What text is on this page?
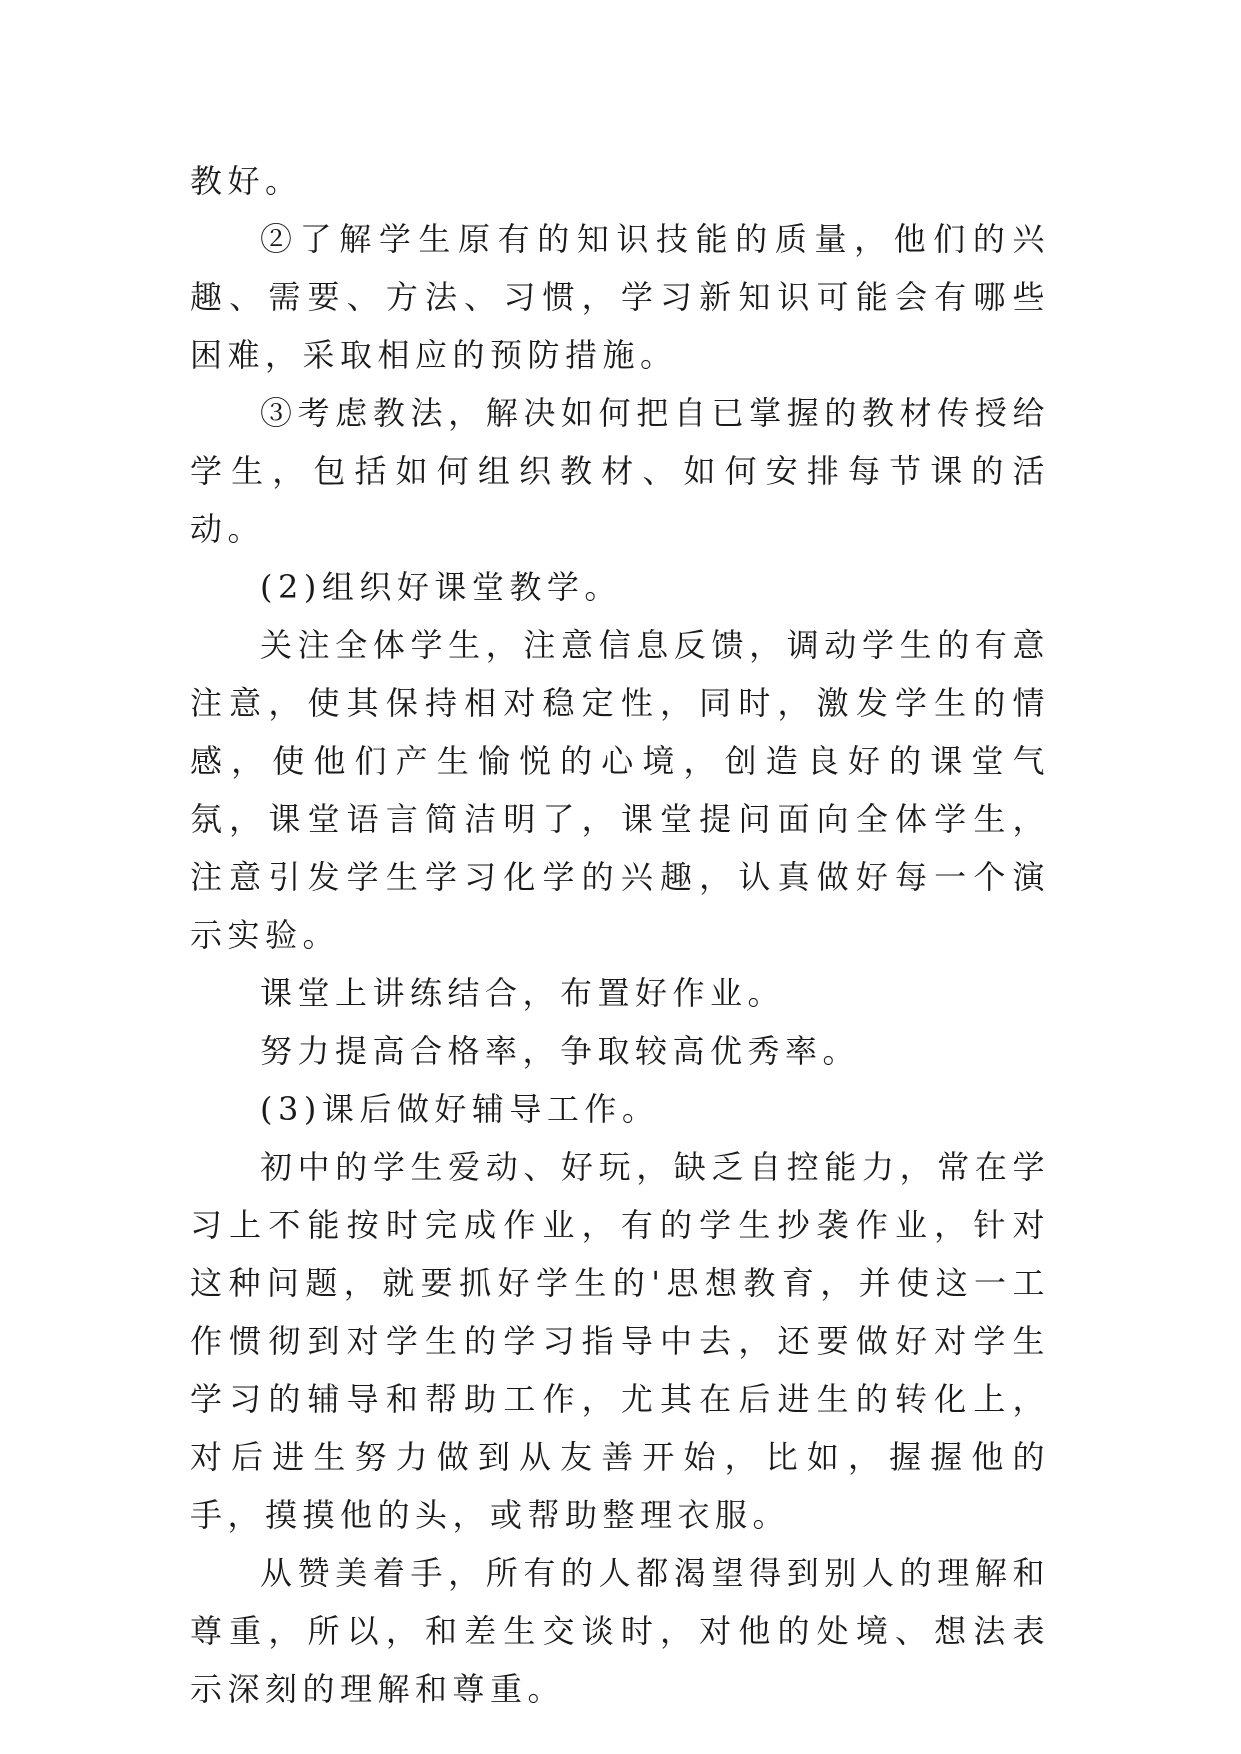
教好。

②了解学生原有的知识技能的质量，他们的兴趣、需要、方法、习惯，学习新知识可能会有哪些困难，采取相应的预防措施。

③考虑教法，解决如何把自已掌握的教材传授给学生，包括如何组织教材、如何安排每节课的活动。

(2)组织好课堂教学。

关注全体学生，注意信息反馈，调动学生的有意注意，使其保持相对稳定性，同时，激发学生的情感，使他们产生愉悦的心境，创造良好的课堂气氛，课堂语言简洁明了，课堂提问面向全体学生，注意引发学生学习化学的兴趣，认真做好每一个演示实验。

课堂上讲练结合，布置好作业。

努力提高合格率，争取较高优秀率。

(3)课后做好辅导工作。

初中的学生爱动、好玩，缺乏自控能力，常在学习上不能按时完成作业，有的学生抄袭作业，针对这种问题，就要抓好学生的'思想教育，并使这一工作惯彻到对学生的学习指导中去，还要做好对学生学习的辅导和帮助工作，尤其在后进生的转化上，对后进生努力做到从友善开始，比如，握握他的手，摸摸他的头，或帮助整理衣服。

从赞美着手，所有的人都渴望得到别人的理解和尊重，所以，和差生交谈时，对他的处境、想法表示深刻的理解和尊重。
